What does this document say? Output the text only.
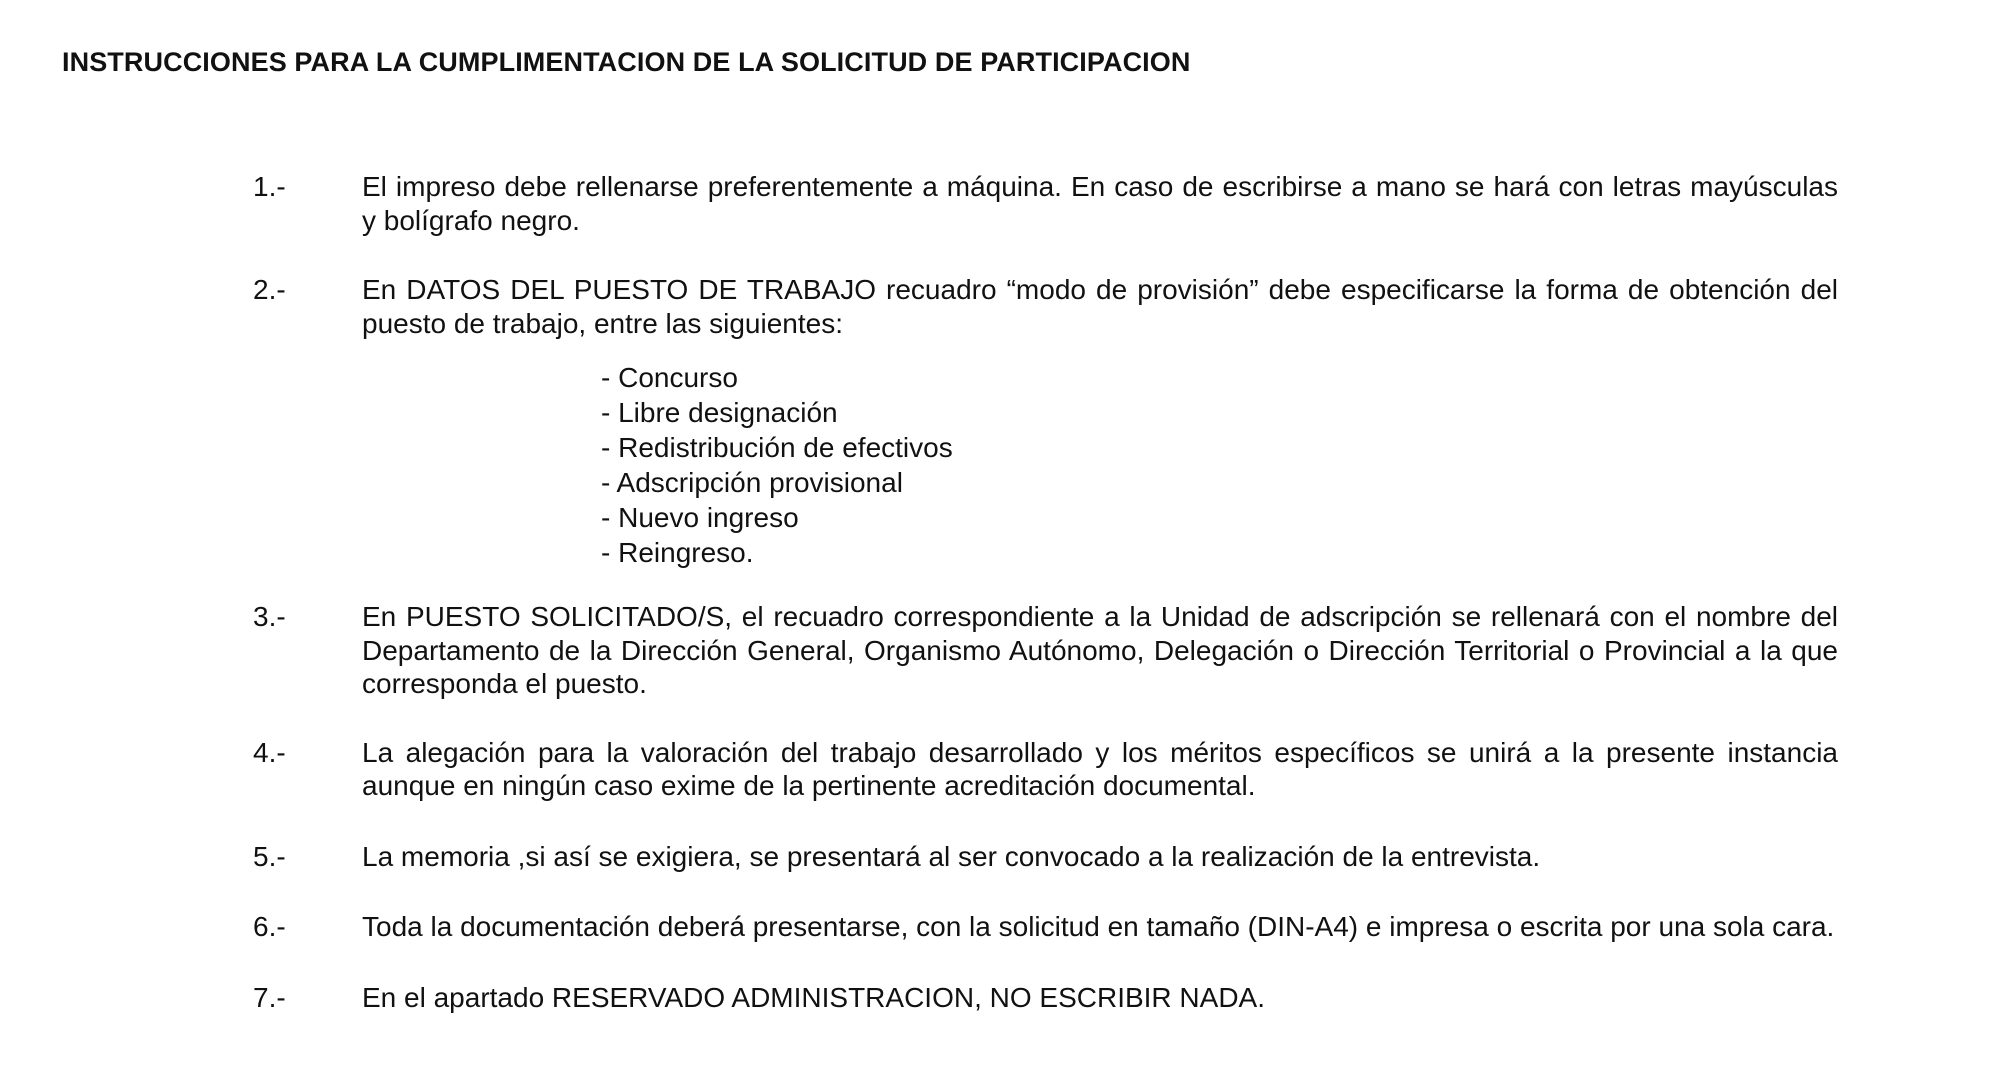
INSTRUCCIONES PARA LA CUMPLIMENTACION DE LA SOLICITUD DE PARTICIPACION
1.-	El impreso debe rellenarse preferentemente a máquina. En caso de escribirse a mano se hará con letras mayúsculas y bolígrafo negro.
2.-	En DATOS DEL PUESTO DE TRABAJO recuadro “modo de provisión” debe especificarse la forma de obtención del puesto de trabajo, entre las siguientes:
- Concurso
- Libre designación
- Redistribución de efectivos
- Adscripción provisional
- Nuevo ingreso
- Reingreso.
3.-	En PUESTO SOLICITADO/S, el recuadro correspondiente a la Unidad de adscripción se rellenará con el nombre del Departamento de la Dirección General, Organismo Autónomo, Delegación o Dirección Territorial o Provincial a la que corresponda el puesto.
4.-	La alegación para la valoración del trabajo desarrollado y los méritos específicos se unirá a la presente instancia aunque en ningún caso exime de la pertinente acreditación documental.
5.-	La memoria ,si así se exigiera, se presentará al ser convocado a la realización de la entrevista.
6.-	Toda la documentación deberá presentarse, con la solicitud en tamaño (DIN-A4) e impresa o escrita por una sola cara.
7.-	En el apartado RESERVADO ADMINISTRACION, NO ESCRIBIR NADA.
